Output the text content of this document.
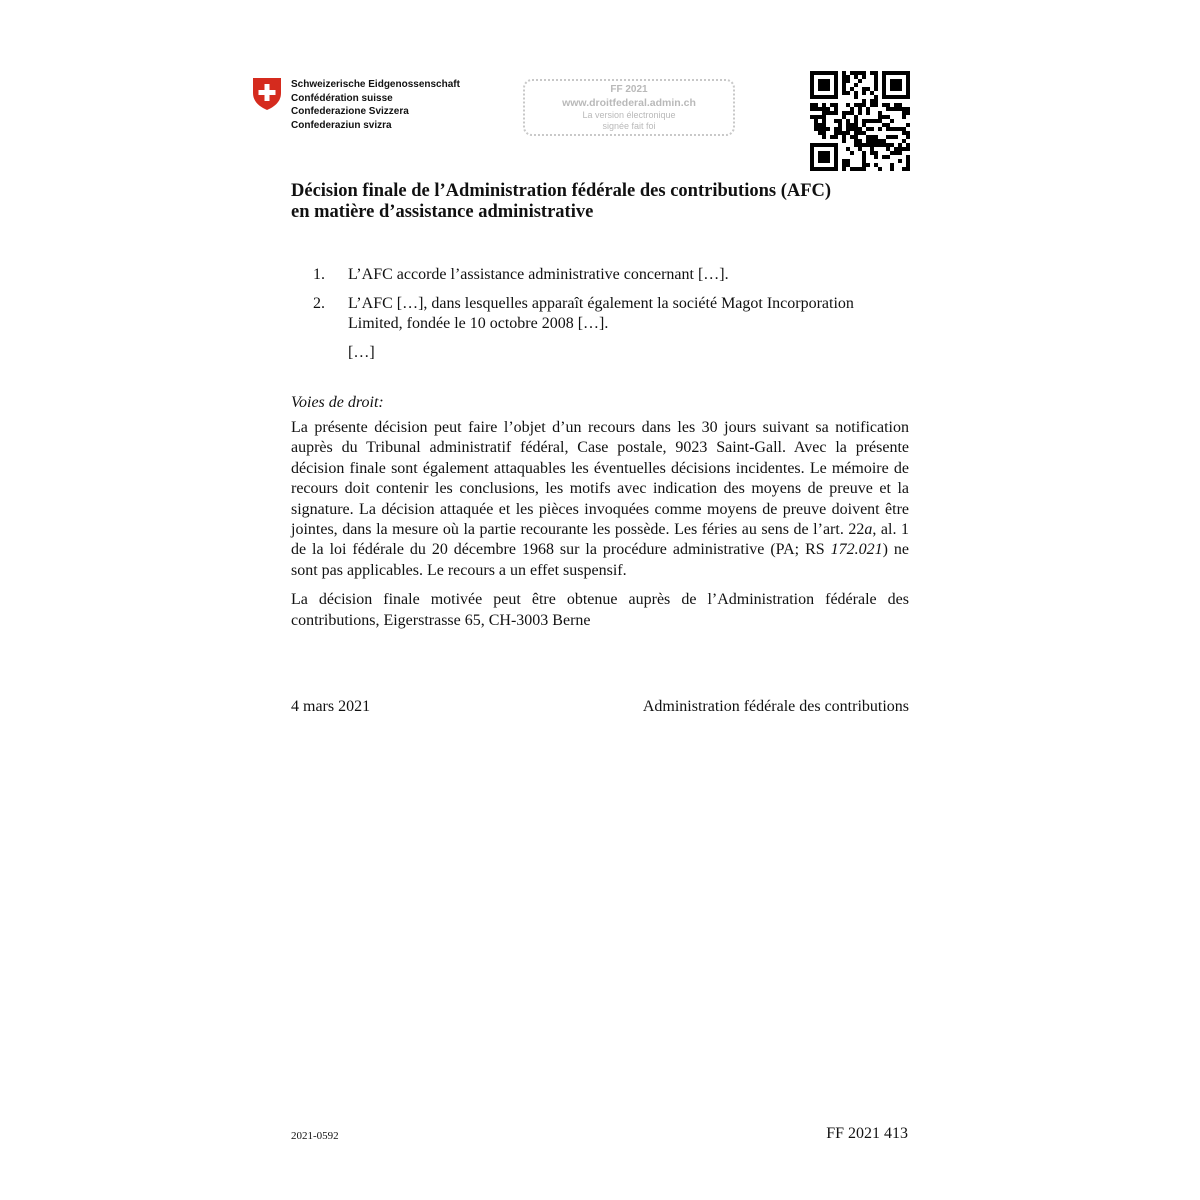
Schweizerische Eidgenossenschaft
Confédération suisse
Confederazione Svizzera
Confederaziun svizra
FF 2021
www.droitfederal.admin.ch
La version électronique
signée fait foi
Décision finale de l’Administration fédérale des contributions (AFC)
en matière d’assistance administrative
1. L’AFC accorde l’assistance administrative concernant […].
2. L’AFC […], dans lesquelles apparaît également la société Magot Incorporation Limited, fondée le 10 octobre 2008 […].
[…]
Voies de droit:

La présente décision peut faire l’objet d’un recours dans les 30 jours suivant sa notification auprès du Tribunal administratif fédéral, Case postale, 9023 Saint-Gall. Avec la présente décision finale sont également attaquables les éventuelles décisions incidentes. Le mémoire de recours doit contenir les conclusions, les motifs avec indication des moyens de preuve et la signature. La décision attaquée et les pièces invoquées comme moyens de preuve doivent être jointes, dans la mesure où la partie recourante les possède. Les féries au sens de l’art. 22a, al. 1 de la loi fédérale du 20 décembre 1968 sur la procédure administrative (PA; RS 172.021) ne sont pas applicables. Le recours a un effet suspensif.

La décision finale motivée peut être obtenue auprès de l’Administration fédérale des contributions, Eigerstrasse 65, CH-3003 Berne

4 mars 2021	Administration fédérale des contributions
2021-0592	FF 2021 413
